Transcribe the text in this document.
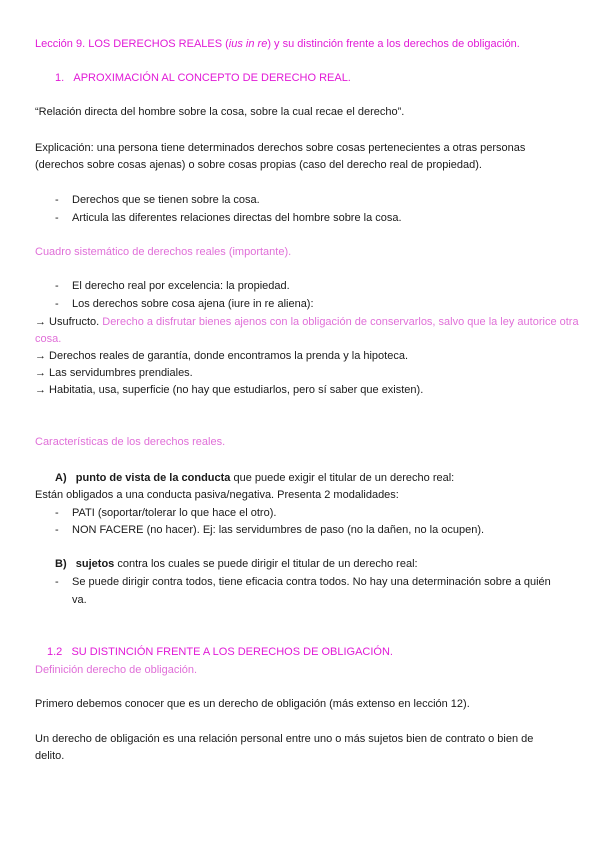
Lección 9. LOS DERECHOS REALES (ius in re) y su distinción frente a los derechos de obligación.
1. APROXIMACIÓN AL CONCEPTO DE DERECHO REAL.
“Relación directa del hombre sobre la cosa, sobre la cual recae el derecho”.
Explicación: una persona tiene determinados derechos sobre cosas pertenecientes a otras personas
(derechos sobre cosas ajenas) o sobre cosas propias (caso del derecho real de propiedad).
- Derechos que se tienen sobre la cosa.
- Articula las diferentes relaciones directas del hombre sobre la cosa.
Cuadro sistemático de derechos reales (importante).
- El derecho real por excelencia: la propiedad.
- Los derechos sobre cosa ajena (iure in re aliena):
→ Usufructo. Derecho a disfrutar bienes ajenos con la obligación de conservarlos, salvo que la ley autorice otra
cosa.
→ Derechos reales de garantía, donde encontramos la prenda y la hipoteca.
→ Las servidumbres prendiales.
→ Habitatia, usa, superficie (no hay que estudiarlos, pero sí saber que existen).
Características de los derechos reales.
A) punto de vista de la conducta que puede exigir el titular de un derecho real:
Están obligados a una conducta pasiva/negativa. Presenta 2 modalidades:
- PATI (soportar/tolerar lo que hace el otro).
- NON FACERE (no hacer). Ej: las servidumbres de paso (no la dañen, no la ocupen).
B) sujetos contra los cuales se puede dirigir el titular de un derecho real:
- Se puede dirigir contra todos, tiene eficacia contra todos. No hay una determinación sobre a quién
va.
1.2 SU DISTINCIÓN FRENTE A LOS DERECHOS DE OBLIGACIÓN.
Definición derecho de obligación.
Primero debemos conocer que es un derecho de obligación (más extenso en lección 12).
Un derecho de obligación es una relación personal entre uno o más sujetos bien de contrato o bien de
delito.
